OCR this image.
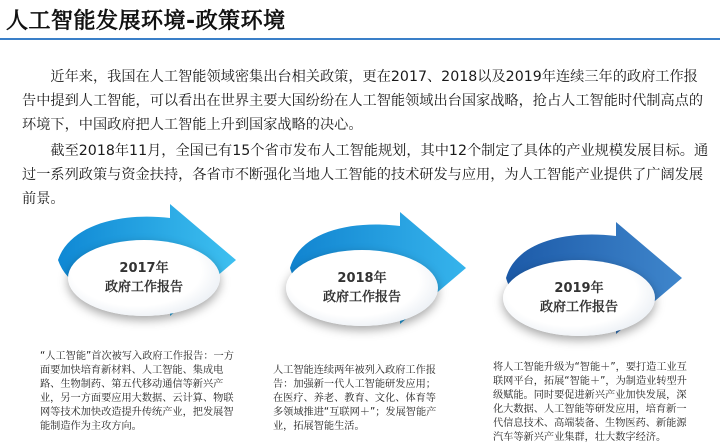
人工智能发展环境-政策环境

近年来，我国在人工智能领域密集出台相关政策，更在2017、2018以及2019年连续三年的政府工作报告中提到人工智能，可以看出在世界主要大国纷纷在人工智能领域出台国家战略，抢占人工智能时代制高点的环境下，中国政府把人工智能上升到国家战略的决心。

截至2018年11月，全国已有15个省市发布人工智能规划，其中12个制定了具体的产业规模发展目标。通过一系列政策与资金扶持，各省市不断强化当地人工智能的技术研发与应用，为人工智能产业提供了广阔发展前景。

2017年
政府工作报告
2018年
政府工作报告
2019年
政府工作报告

“人工智能”首次被写入政府工作报告：一方面要加快培育新材料、人工智能、集成电路、生物制药、第五代移动通信等新兴产业，另一方面要应用大数据、云计算、物联网等技术加快改造提升传统产业，把发展智能制造作为主攻方向。

人工智能连续两年被列入政府工作报告：加强新一代人工智能研发应用；在医疗、养老、教育、文化、体育等多领域推进“互联网＋”；发展智能产业，拓展智能生活。

将人工智能升级为“智能＋”，要打造工业互联网平台，拓展“智能＋”，为制造业转型升级赋能。同时要促进新兴产业加快发展，深化大数据、人工智能等研发应用，培育新一代信息技术、高端装备、生物医药、新能源汽车等新兴产业集群，壮大数字经济。
